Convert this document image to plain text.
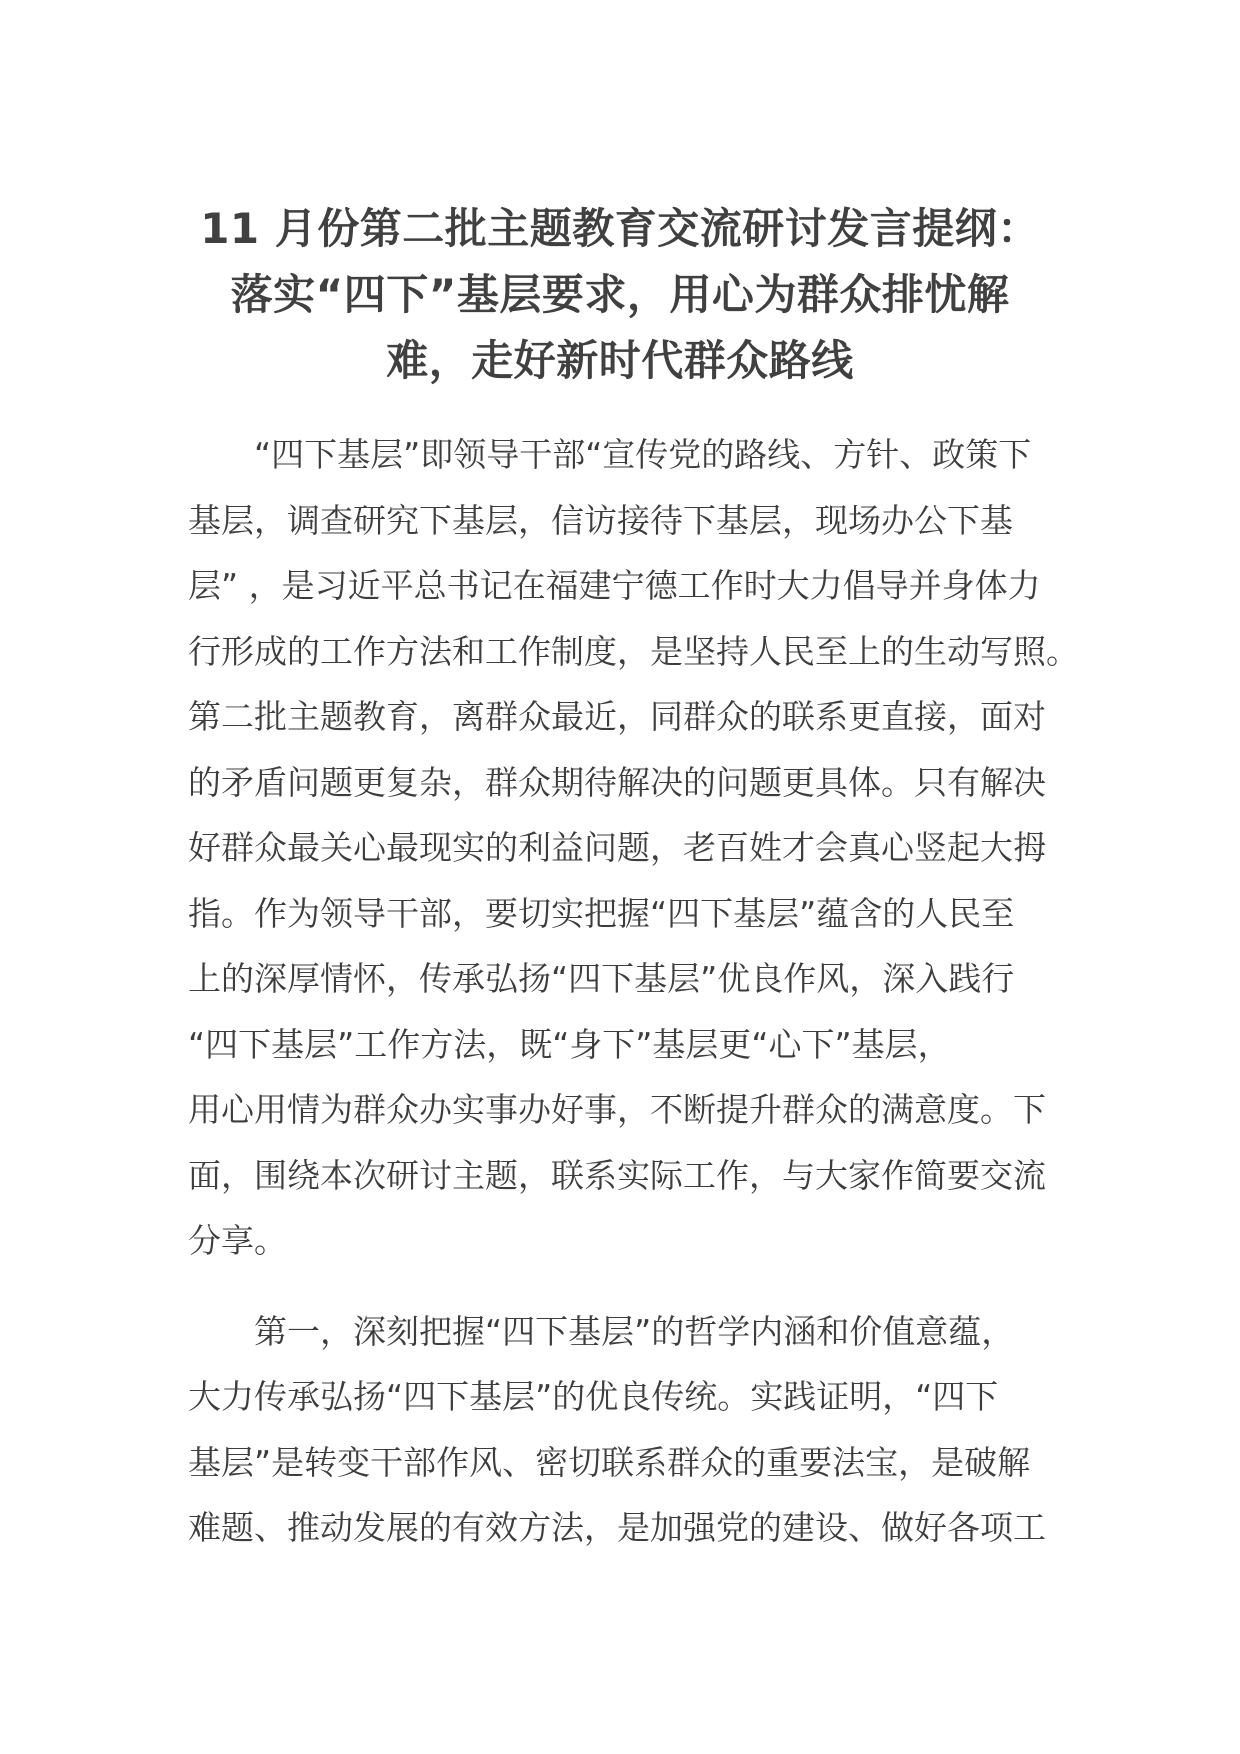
11 月份第二批主题教育交流研讨发言提纲：
落实“四下”基层要求，用心为群众排忧解
难，走好新时代群众路线

　　“四下基层”即领导干部“宣传党的路线、方针、政策下
基层，调查研究下基层，信访接待下基层，现场办公下基
层” ，是习近平总书记在福建宁德工作时大力倡导并身体力
行形成的工作方法和工作制度，是坚持人民至上的生动写照。
第二批主题教育，离群众最近，同群众的联系更直接，面对
的矛盾问题更复杂，群众期待解决的问题更具体。只有解决
好群众最关心最现实的利益问题，老百姓才会真心竖起大拇
指。作为领导干部，要切实把握“四下基层”蕴含的人民至
上的深厚情怀，传承弘扬“四下基层”优良作风，深入践行
“四下基层”工作方法，既“身下”基层更“心下”基层，
用心用情为群众办实事办好事，不断提升群众的满意度。下
面，围绕本次研讨主题，联系实际工作，与大家作简要交流
分享。

　　第一，深刻把握“四下基层”的哲学内涵和价值意蕴，
大力传承弘扬“四下基层”的优良传统。实践证明，“四下
基层”是转变干部作风、密切联系群众的重要法宝，是破解
难题、推动发展的有效方法，是加强党的建设、做好各项工
